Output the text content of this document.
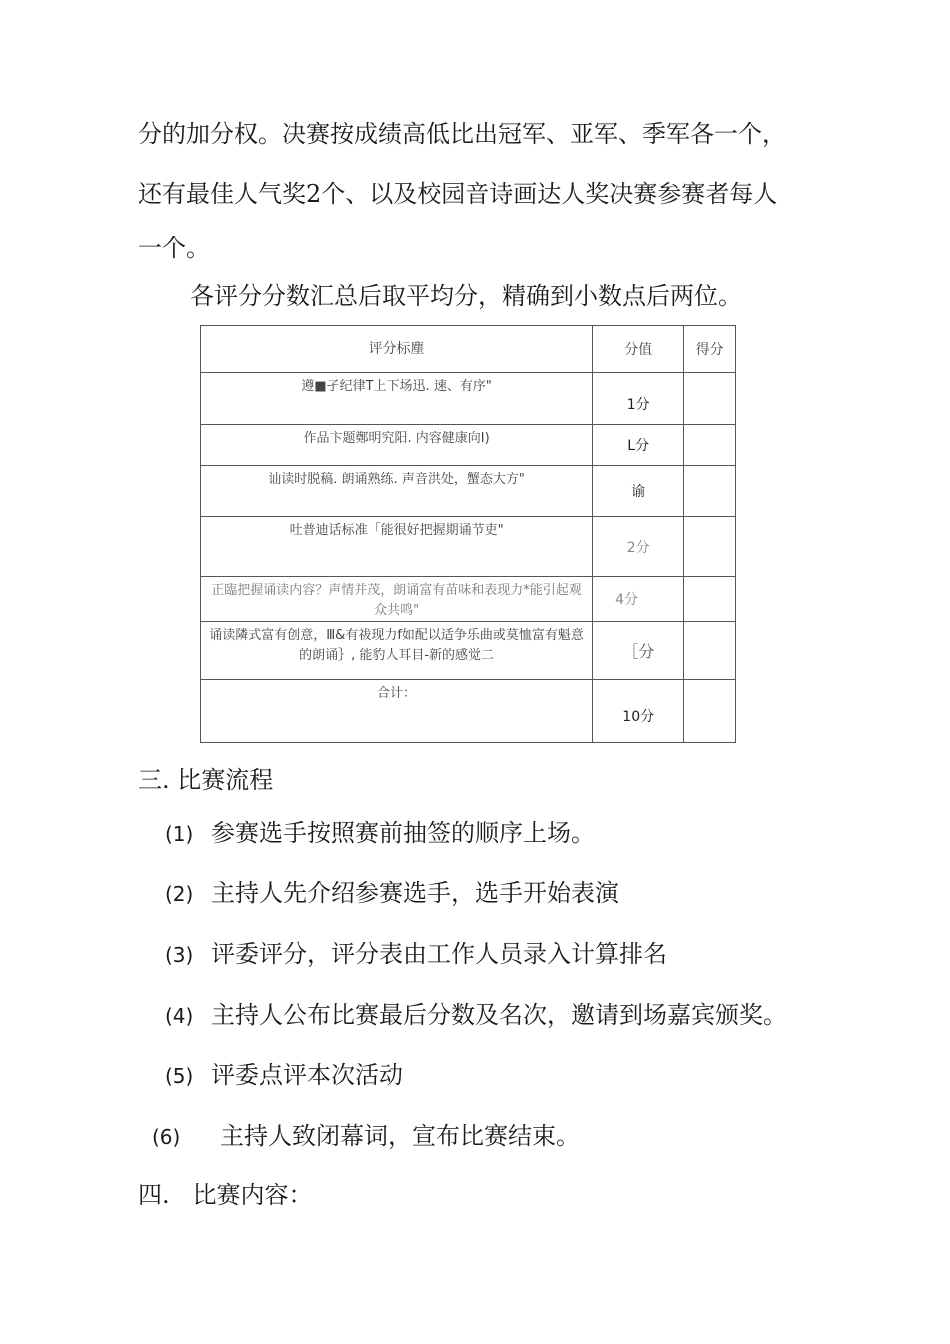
分的加分权。决赛按成绩高低比出冠军、亚军、季军各一个，
还有最佳人气奖2个、以及校园音诗画达人奖决赛参赛者每人
一个。
各评分分数汇总后取平均分，精确到小数点后两位。
评分标塵	分值	得分
遵■孑纪律T上下场迅. 速、有序"	1分	
作品卞题鄭明究阳. 内容健康向I)	L分	
讪读时脱稿. 朗诵熟练. 声音洪处，蟹态大方"	谕	
吐普迪话标准「能很好把握期诵节吏"	2分	
正臨把握诵读内容？声情并茂，朗诵富有苗味和表现力*能引起观众共鸣"	4分	
诵读隣式富有创意，Ⅲ&有祓现力f如配以适争乐曲或莫恤富有魁意的朗诵｝, 能豹人耳目-新的感觉二	［分	
合计：	10分	
三. 比赛流程
(1) 参赛选手按照赛前抽签的顺序上场。
(2) 主持人先介绍参赛选手，选手开始表演
(3) 评委评分，评分表由工作人员录入计算排名
(4) 主持人公布比赛最后分数及名次，邀请到场嘉宾颁奖。
(5) 评委点评本次活动
(6) 主持人致闭幕词，宣布比赛结束。
四.   比赛内容：
